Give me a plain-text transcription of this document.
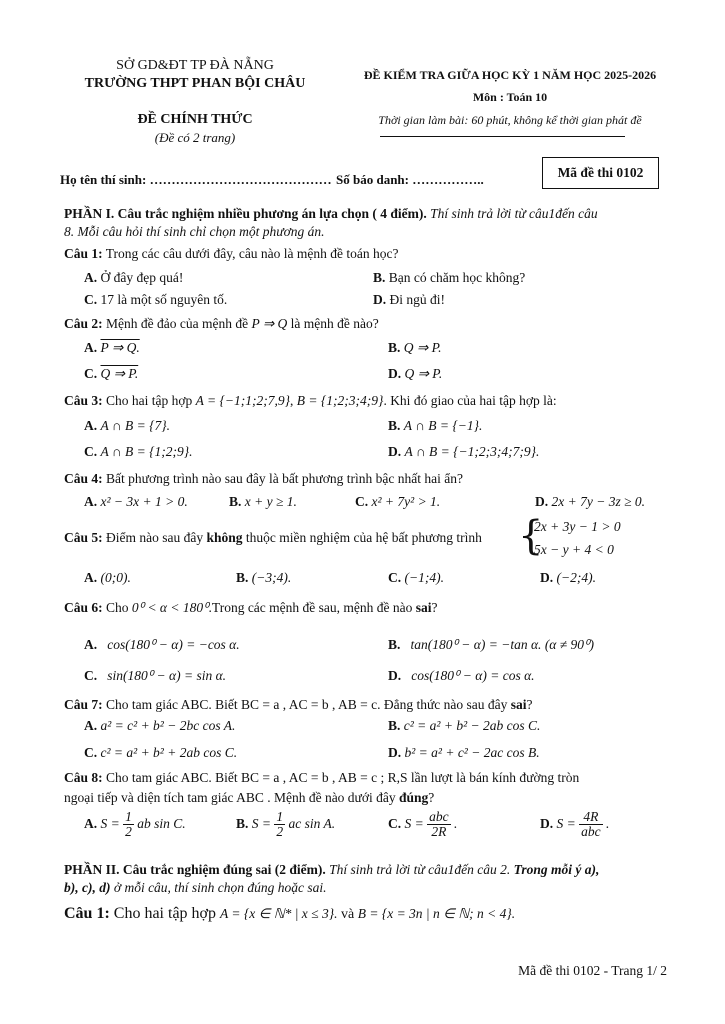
SỞ GD&ĐT TP ĐÀ NẴNG
TRƯỜNG THPT PHAN BỘI CHÂU
ĐỀ CHÍNH THỨC
(Đề có 2 trang)
ĐỀ KIỂM TRA GIỮA HỌC KỲ 1 NĂM HỌC 2025-2026
Môn : Toán 10
Thời gian làm bài: 60 phút, không kể thời gian phát đề
Họ tên thí sinh: …………………………………… Số báo danh: ……………..	Mã đề thi 0102
PHẦN I. Câu trắc nghiệm nhiều phương án lựa chọn ( 4 điểm). Thí sinh trả lời từ câu1đến câu
8. Mỗi câu hỏi thí sinh chỉ chọn một phương án.
Câu 1: Trong các câu dưới đây, câu nào là mệnh đề toán học?
A. Ở đây đẹp quá!	B. Bạn có chăm học không?
C. 17 là một số nguyên tố.	D. Đi ngủ đi!
Câu 2: Mệnh đề đảo của mệnh đề P ⇒ Q là mệnh đề nào?
A. P ⇒ Q.	B. Q ⇒ P.
C. Q ⇒ P.	D. Q ⇒ P.
Câu 3: Cho hai tập hợp A = {−1;1;2;7,9}, B = {1;2;3;4;9}. Khi đó giao của hai tập hợp là:
A. A ∩ B = {7}.	B. A ∩ B = {−1}.
C. A ∩ B = {1;2;9}.	D. A ∩ B = {−1;2;3;4;7;9}.
Câu 4: Bất phương trình nào sau đây là bất phương trình bậc nhất hai ẩn?
A. x² − 3x + 1 > 0.	B. x + y ≥ 1.	C. x² + 7y² > 1.	D. 2x + 7y − 3z ≥ 0.
Câu 5: Điểm nào sau đây không thuộc miền nghiệm của hệ bất phương trình {
2x + 3y − 1 > 0
5x − y + 4 < 0
A. (0;0).	B. (−3;4).	C. (−1;4).	D. (−2;4).
Câu 6: Cho 0⁰ < α < 180⁰.Trong các mệnh đề sau, mệnh đề nào sai?
A. cos(180⁰ − α) = −cos α.	B. tan(180⁰ − α) = −tan α. (α ≠ 90⁰)
C. sin(180⁰ − α) = sin α.	D. cos(180⁰ − α) = cos α.
Câu 7: Cho tam giác ABC. Biết BC = a , AC = b , AB = c. Đẳng thức nào sau đây sai?
A. a² = c² + b² − 2bc cos A.	B. c² = a² + b² − 2ab cos C.
C. c² = a² + b² + 2ab cos C.	D. b² = a² + c² − 2ac cos B.
Câu 8: Cho tam giác ABC. Biết BC = a , AC = b , AB = c ; R,S lần lượt là bán kính đường tròn
ngoại tiếp và diện tích tam giác ABC . Mệnh đề nào dưới đây đúng?
A. $S = \frac{1}{2}$ ab sin C.	B. $S = \frac{1}{2}$ ac sin A.	C. $S = \frac{\text{abc}}{2R}$ .	D. $S = \frac{4R}{\text{abc}}$ .
PHẦN II. Câu trắc nghiệm đúng sai (2 điểm). Thí sinh trả lời từ câu1đến câu 2. Trong mỗi ý a),
b), c), d) ở mỗi câu, thí sinh chọn đúng hoặc sai.
Câu 1: Cho hai tập hợp A = {x ∈ ℕ* | x ≤ 3}. và B = {x = 3n | n ∈ ℕ; n < 4}.
Mã đề thi 0102 - Trang 1/ 2
